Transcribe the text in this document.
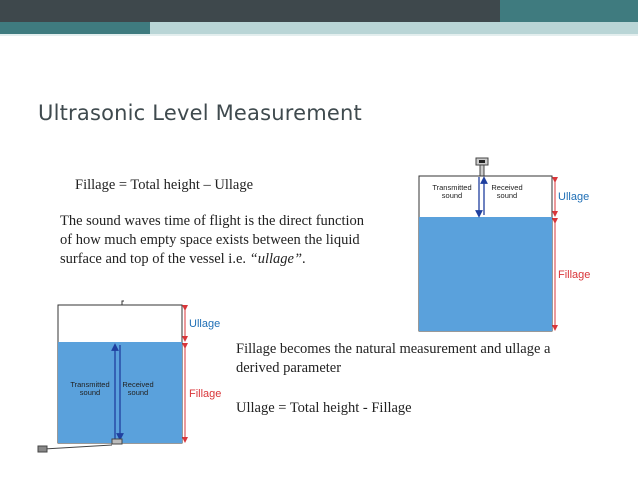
Ultrasonic Level Measurement
Fillage = Total height – Ullage
The sound waves time of flight is the direct function of how much empty space exists between the liquid surface and top of the vessel i.e. “ullage”.
Fillage becomes the natural measurement and ullage a derived parameter
Ullage = Total height - Fillage
Transmitted sound
Received sound	Ullage
Fillage
Transmitted sound
Received sound
Ullage
Fillage
